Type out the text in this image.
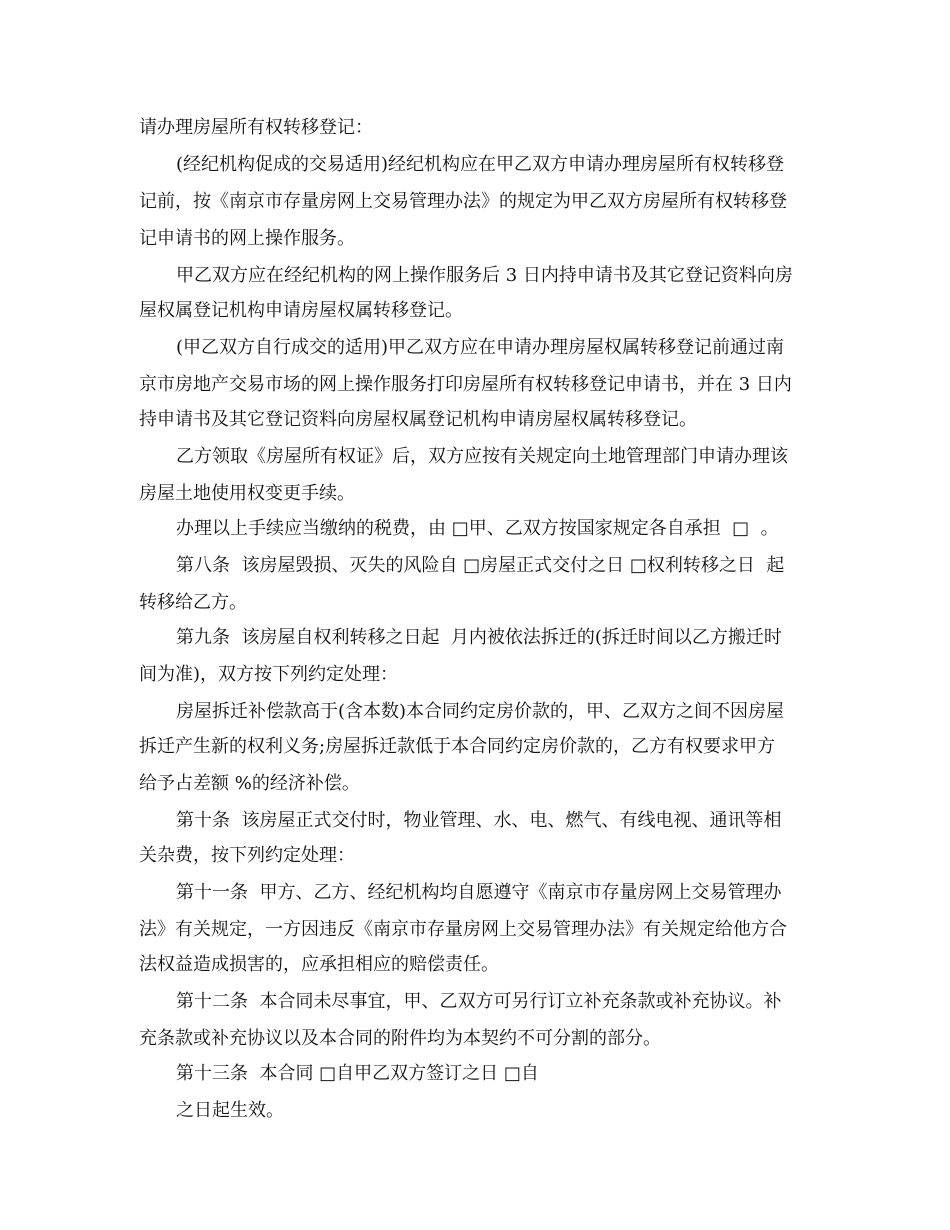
请办理房屋所有权转移登记：
(经纪机构促成的交易适用)经纪机构应在甲乙双方申请办理房屋所有权转移登
记前，按《南京市存量房网上交易管理办法》的规定为甲乙双方房屋所有权转移登
记申请书的网上操作服务。
甲乙双方应在经纪机构的网上操作服务后 3 日内持申请书及其它登记资料向房
屋权属登记机构申请房屋权属转移登记。
(甲乙双方自行成交的适用)甲乙双方应在申请办理房屋权属转移登记前通过南
京市房地产交易市场的网上操作服务打印房屋所有权转移登记申请书，并在 3 日内
持申请书及其它登记资料向房屋权属登记机构申请房屋权属转移登记。
乙方领取《房屋所有权证》后，双方应按有关规定向土地管理部门申请办理该
房屋土地使用权变更手续。
办理以上手续应当缴纳的税费，由 □甲、乙双方按国家规定各自承担  □  。
第八条  该房屋毁损、灭失的风险自 □房屋正式交付之日 □权利转移之日  起
转移给乙方。
第九条  该房屋自权利转移之日起  月内被依法拆迁的(拆迁时间以乙方搬迁时
间为准)，双方按下列约定处理：
房屋拆迁补偿款高于(含本数)本合同约定房价款的，甲、乙双方之间不因房屋
拆迁产生新的权利义务;房屋拆迁款低于本合同约定房价款的，乙方有权要求甲方
给予占差额 %的经济补偿。
第十条  该房屋正式交付时，物业管理、水、电、燃气、有线电视、通讯等相
关杂费，按下列约定处理：
第十一条  甲方、乙方、经纪机构均自愿遵守《南京市存量房网上交易管理办
法》有关规定，一方因违反《南京市存量房网上交易管理办法》有关规定给他方合
法权益造成损害的，应承担相应的赔偿责任。
第十二条  本合同未尽事宜，甲、乙双方可另行订立补充条款或补充协议。补
充条款或补充协议以及本合同的附件均为本契约不可分割的部分。
第十三条  本合同 □自甲乙双方签订之日 □自
之日起生效。
